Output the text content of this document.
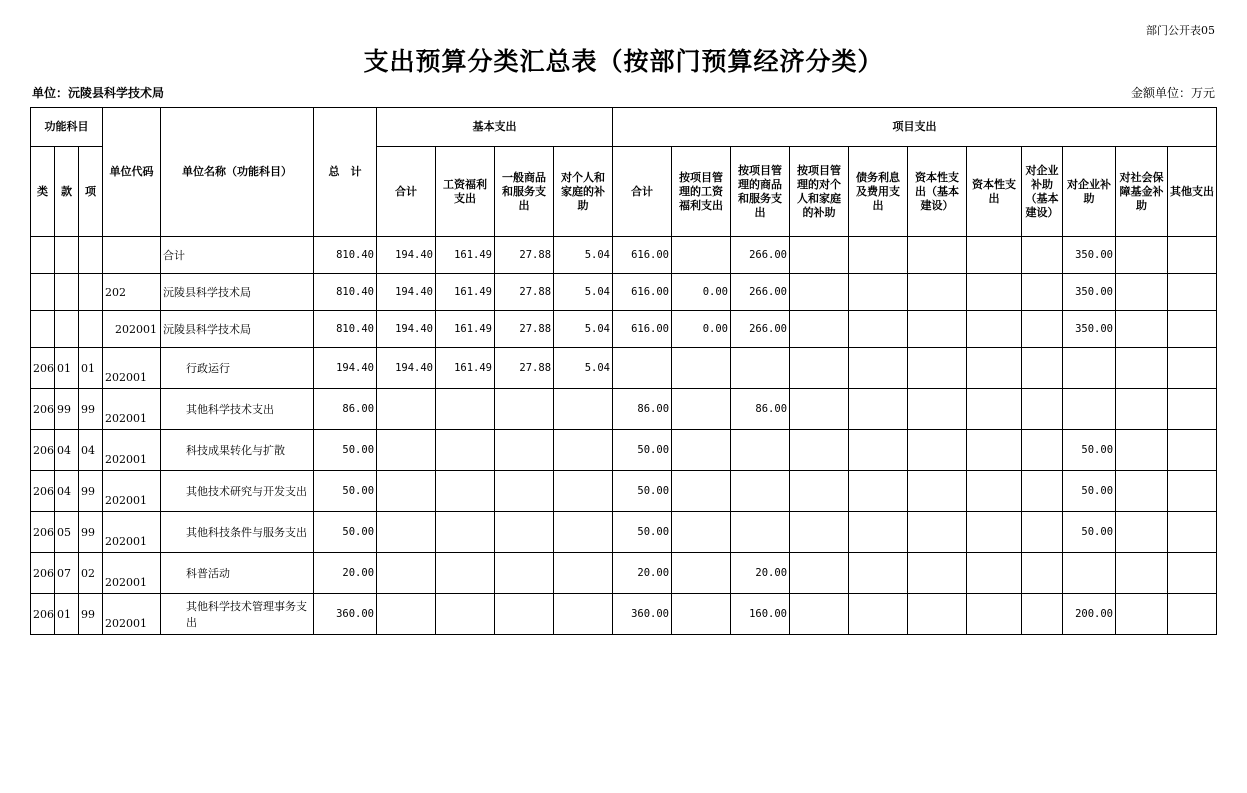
部门公开表05
支出预算分类汇总表（按部门预算经济分类）
单位：沅陵县科学技术局	金额单位：万元
功能科目			单位代码	单位名称（功能科目）	总　计	基本支出				项目支出										
类	款	项				合计	工资福利支出	一般商品和服务支出	对个人和家庭的补助	合计	按项目管理的工资福利支出	按项目管理的商品和服务支出	按项目管理的对个人和家庭的补助	债务利息及费用支出	资本性支出（基本建设）	资本性支出	对企业补助（基本建设）	对企业补助	对社会保障基金补助	其他支出
				合计	810.40	194.40	161.49	27.88	5.04	616.00		266.00						350.00		
			202	沅陵县科学技术局	810.40	194.40	161.49	27.88	5.04	616.00	0.00	266.00						350.00		
			202001	沅陵县科学技术局	810.40	194.40	161.49	27.88	5.04	616.00	0.00	266.00						350.00		
206	01	01	202001	行政运行	194.40	194.40	161.49	27.88	5.04											
206	99	99	202001	其他科学技术支出	86.00					86.00		86.00								
206	04	04	202001	科技成果转化与扩散	50.00					50.00								50.00		
206	04	99	202001	其他技术研究与开发支出	50.00					50.00								50.00		
206	05	99	202001	其他科技条件与服务支出	50.00					50.00								50.00		
206	07	02	202001	科普活动	20.00					20.00		20.00								
206	01	99	202001	其他科学技术管理事务支出	360.00					360.00		160.00						200.00		
